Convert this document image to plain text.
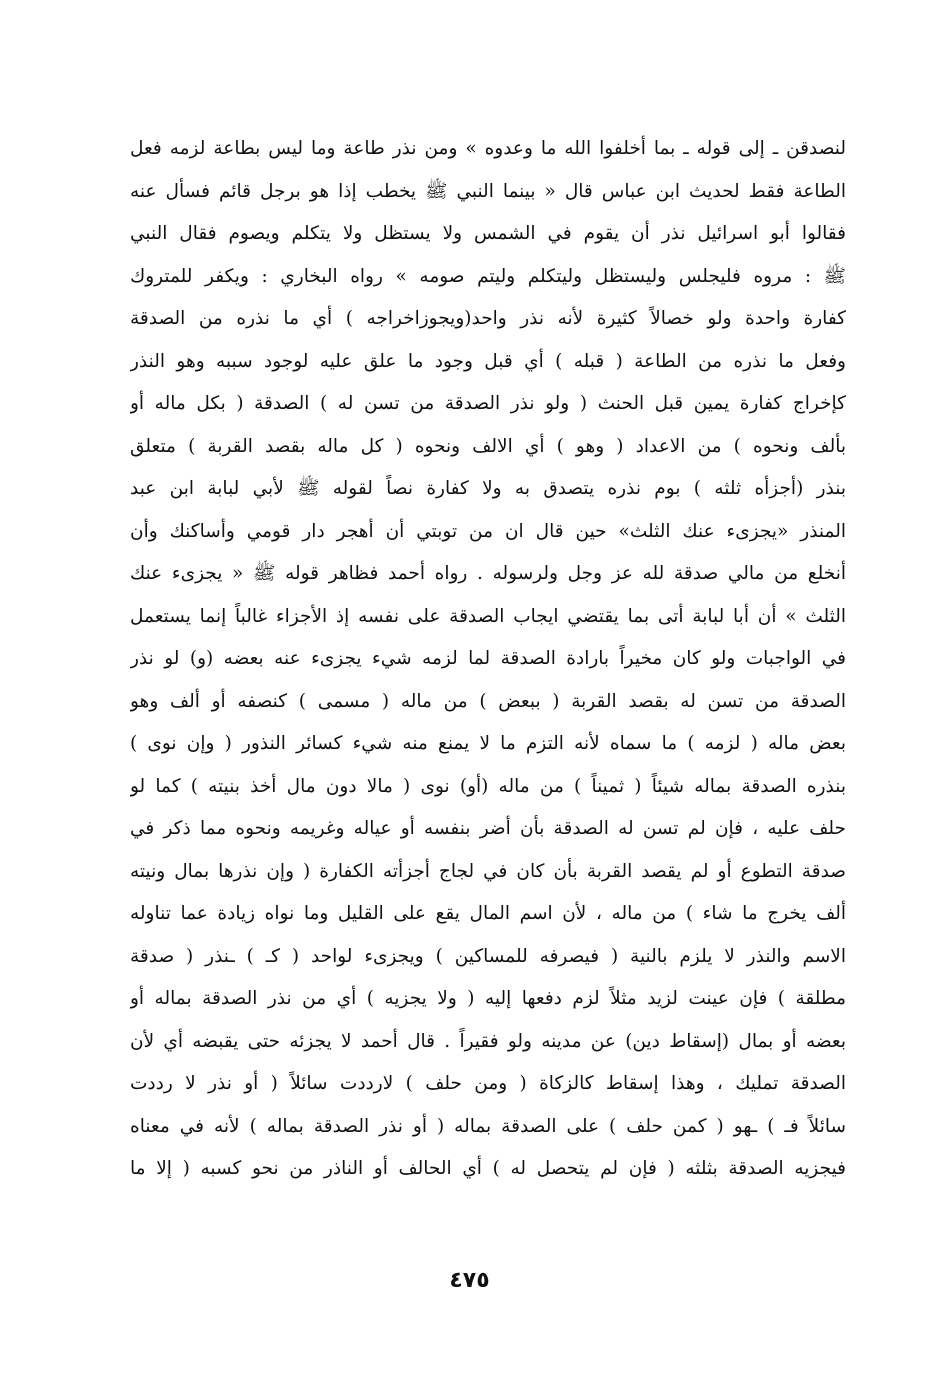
لنصدقن ـ إلى قوله ـ بما أخلفوا الله ما وعدوه » ومن نذر طاعة وما ليس بطاعة لزمه فعل
الطاعة فقط لحديث ابن عباس قال « بينما النبي ﷺ يخطب إذا هو برجل قائم فسأل عنه
فقالوا أبو اسرائيل نذر أن يقوم في الشمس ولا يستظل ولا يتكلم ويصوم فقال النبي
ﷺ : مروه فليجلس وليستظل وليتكلم وليتم صومه » رواه البخاري : ويكفر للمتروك
كفارة واحدة ولو خصالاً كثيرة لأنه نذر واحد(ويجوزاخراجه ) أي ما نذره من الصدقة
وفعل ما نذره من الطاعة ( قبله ) أي قبل وجود ما علق عليه لوجود سببه وهو النذر
كإخراج كفارة يمين قبل الحنث ( ولو نذر الصدقة من تسن له ) الصدقة ( بكل ماله أو
بألف ونحوه ) من الاعداد ( وهو ) أي الالف ونحوه ( كل ماله بقصد القربة ) متعلق
بنذر (أجزأه ثلثه ) بوم نذره يتصدق به ولا كفارة نصاً لقوله ﷺ لأبي لبابة ابن عبد
المنذر «يجزىء عنك الثلث» حين قال ان من توبتي أن أهجر دار قومي وأساكنك وأن
أنخلع من مالي صدقة لله عز وجل ولرسوله . رواه أحمد فظاهر قوله ﷺ « يجزىء عنك
الثلث » أن أبا لبابة أتى بما يقتضي ايجاب الصدقة على نفسه إذ الأجزاء غالباً إنما يستعمل
في الواجبات ولو كان مخيراً بارادة الصدقة لما لزمه شيء يجزىء عنه بعضه (و) لو نذر
الصدقة من تسن له بقصد القربة ( ببعض ) من ماله ( مسمى ) كنصفه أو ألف وهو
بعض ماله ( لزمه ) ما سماه لأنه التزم ما لا يمنع منه شيء كسائر النذور ( وإن نوى )
بنذره الصدقة بماله شيئاً ( ثميناً ) من ماله (أو) نوى ( مالا دون مال أخذ بنيته ) كما لو
حلف عليه ، فإن لم تسن له الصدقة بأن أضر بنفسه أو عياله وغريمه ونحوه مما ذكر في
صدقة التطوع أو لم يقصد القربة بأن كان في لجاج أجزأته الكفارة ( وإن نذرها بمال ونيته
ألف يخرج ما شاء ) من ماله ، لأن اسم المال يقع على القليل وما نواه زيادة عما تناوله
الاسم والنذر لا يلزم بالنية ( فيصرفه للمساكين ) ويجزىء لواحد ( كـ ) ـنذر ( صدقة
مطلقة ) فإن عينت لزيد مثلاً لزم دفعها إليه ( ولا يجزيه ) أي من نذر الصدقة بماله أو
بعضه أو بمال (إسقاط دين) عن مدينه ولو فقيراً . قال أحمد لا يجزئه حتى يقبضه أي لأن
الصدقة تمليك ، وهذا إسقاط كالزكاة ( ومن حلف ) لارددت سائلاً ( أو نذر لا رددت
سائلاً فـ ) ـهو ( كمن حلف ) على الصدقة بماله ( أو نذر الصدقة بماله ) لأنه في معناه
فيجزيه الصدقة بثلثه ( فإن لم يتحصل له ) أي الحالف أو الناذر من نحو كسبه ( إلا ما
٤٧٥
